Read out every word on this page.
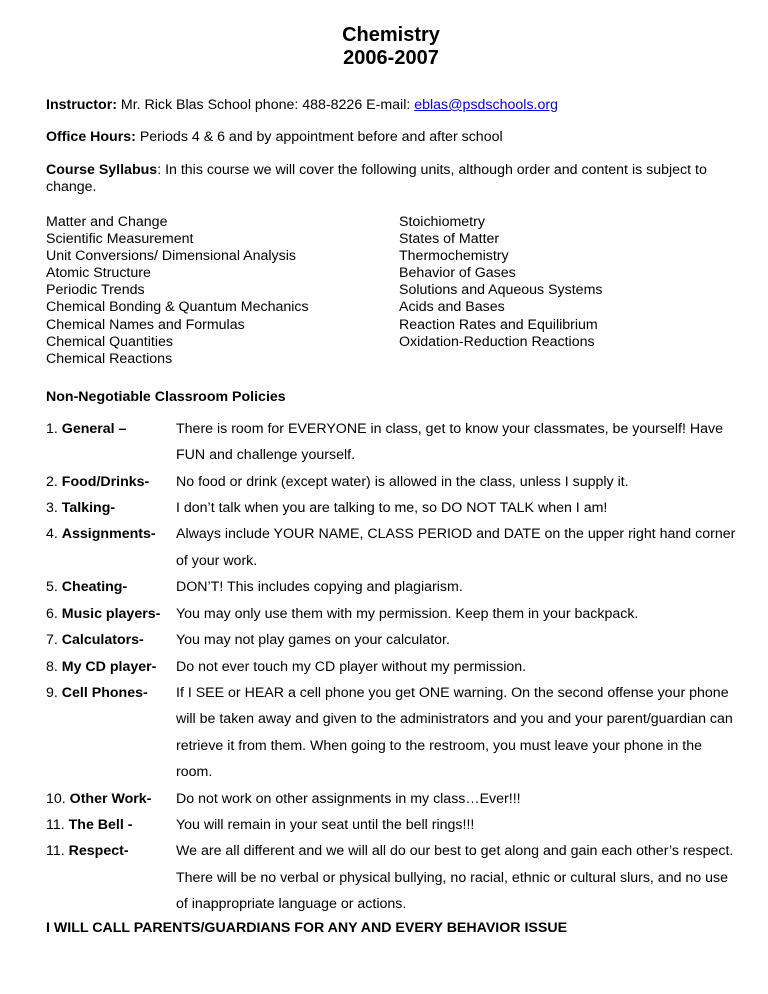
Chemistry
2006-2007
Instructor: Mr. Rick Blas School phone: 488-8226 E-mail: eblas@psdschools.org
Office Hours: Periods 4 & 6 and by appointment before and after school
Course Syllabus: In this course we will cover the following units, although order and content is subject to change.
Matter and Change
Scientific Measurement
Unit Conversions/ Dimensional Analysis
Atomic Structure
Periodic Trends
Chemical Bonding & Quantum Mechanics
Chemical Names and Formulas
Chemical Quantities
Chemical Reactions
Stoichiometry
States of Matter
Thermochemistry
Behavior of Gases
Solutions and Aqueous Systems
Acids and Bases
Reaction Rates and Equilibrium
Oxidation-Reduction Reactions
Non-Negotiable Classroom Policies
1. General –	There is room for EVERYONE in class, get to know your classmates, be yourself! Have FUN and challenge yourself.
2. Food/Drinks-	No food or drink (except water) is allowed in the class, unless I supply it.
3. Talking-	I don’t talk when you are talking to me, so DO NOT TALK when I am!
4. Assignments-	Always include YOUR NAME, CLASS PERIOD and DATE on the upper right hand corner of your work.
5. Cheating-	DON’T! This includes copying and plagiarism.
6. Music players-	You may only use them with my permission. Keep them in your backpack.
7. Calculators-	You may not play games on your calculator.
8. My CD player-	Do not ever touch my CD player without my permission.
9. Cell Phones-	If I SEE or HEAR a cell phone you get ONE warning. On the second offense your phone will be taken away and given to the administrators and you and your parent/guardian can retrieve it from them. When going to the restroom, you must leave your phone in the room.
10. Other Work-	Do not work on other assignments in my class…Ever!!!
11. The Bell -	You will remain in your seat until the bell rings!!!
11. Respect-	We are all different and we will all do our best to get along and gain each other’s respect. There will be no verbal or physical bullying, no racial, ethnic or cultural slurs, and no use of inappropriate language or actions.
I WILL CALL PARENTS/GUARDIANS FOR ANY AND EVERY BEHAVIOR ISSUE
